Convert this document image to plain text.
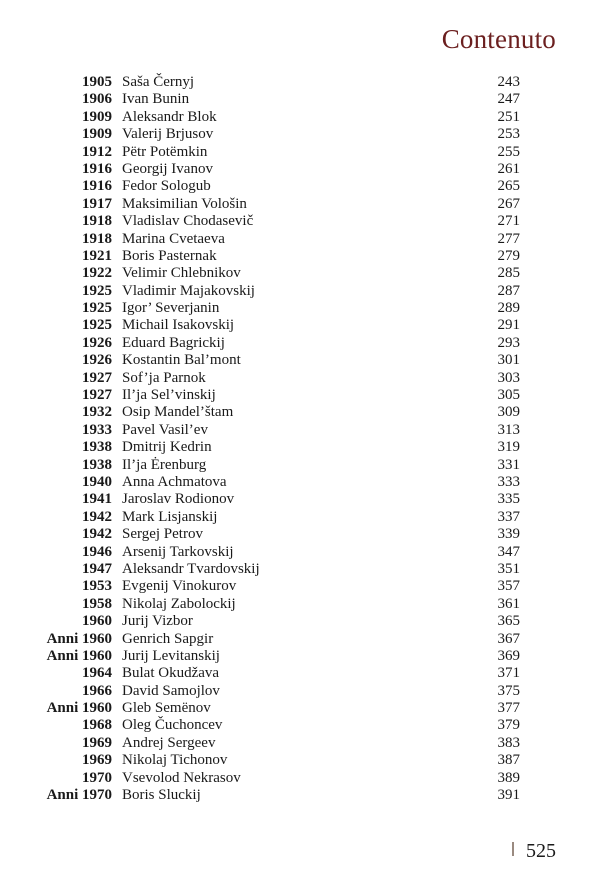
Contenuto
1905 Saša Černyj	243
1906 Ivan Bunin	247
1909 Aleksandr Blok	251
1909 Valerij Brjusov	253
1912 Pëtr Potëmkin	255
1916 Georgij Ivanov	261
1916 Fedor Sologub	265
1917 Maksimilian Vološin	267
1918 Vladislav Chodasevič	271
1918 Marina Cvetaeva	277
1921 Boris Pasternak	279
1922 Velimir Chlebnikov	285
1925 Vladimir Majakovskij	287
1925 Igor’ Severjanin	289
1925 Michail Isakovskij	291
1926 Eduard Bagrickij	293
1926 Kostantin Bal’mont	301
1927 Sof’ja Parnok	303
1927 Il’ja Sel’vinskij	305
1932 Osip Mandel’štam	309
1933 Pavel Vasil’ev	313
1938 Dmitrij Kedrin	319
1938 Il’ja Ėrenburg	331
1940 Anna Achmatova	333
1941 Jaroslav Rodionov	335
1942 Mark Lisjanskij	337
1942 Sergej Petrov	339
1946 Arsenij Tarkovskij	347
1947 Aleksandr Tvardovskij	351
1953 Evgenij Vinokurov	357
1958 Nikolaj Zabolockij	361
1960 Jurij Vizbor	365
Anni 1960 Genrich Sapgir	367
Anni 1960 Jurij Levitanskij	369
1964 Bulat Okudžava	371
1966 David Samojlov	375
Anni 1960 Gleb Semënov	377
1968 Oleg Čuchoncev	379
1969 Andrej Sergeev	383
1969 Nikolaj Tichonov	387
1970 Vsevolod Nekrasov	389
Anni 1970 Boris Sluckij	391
525
